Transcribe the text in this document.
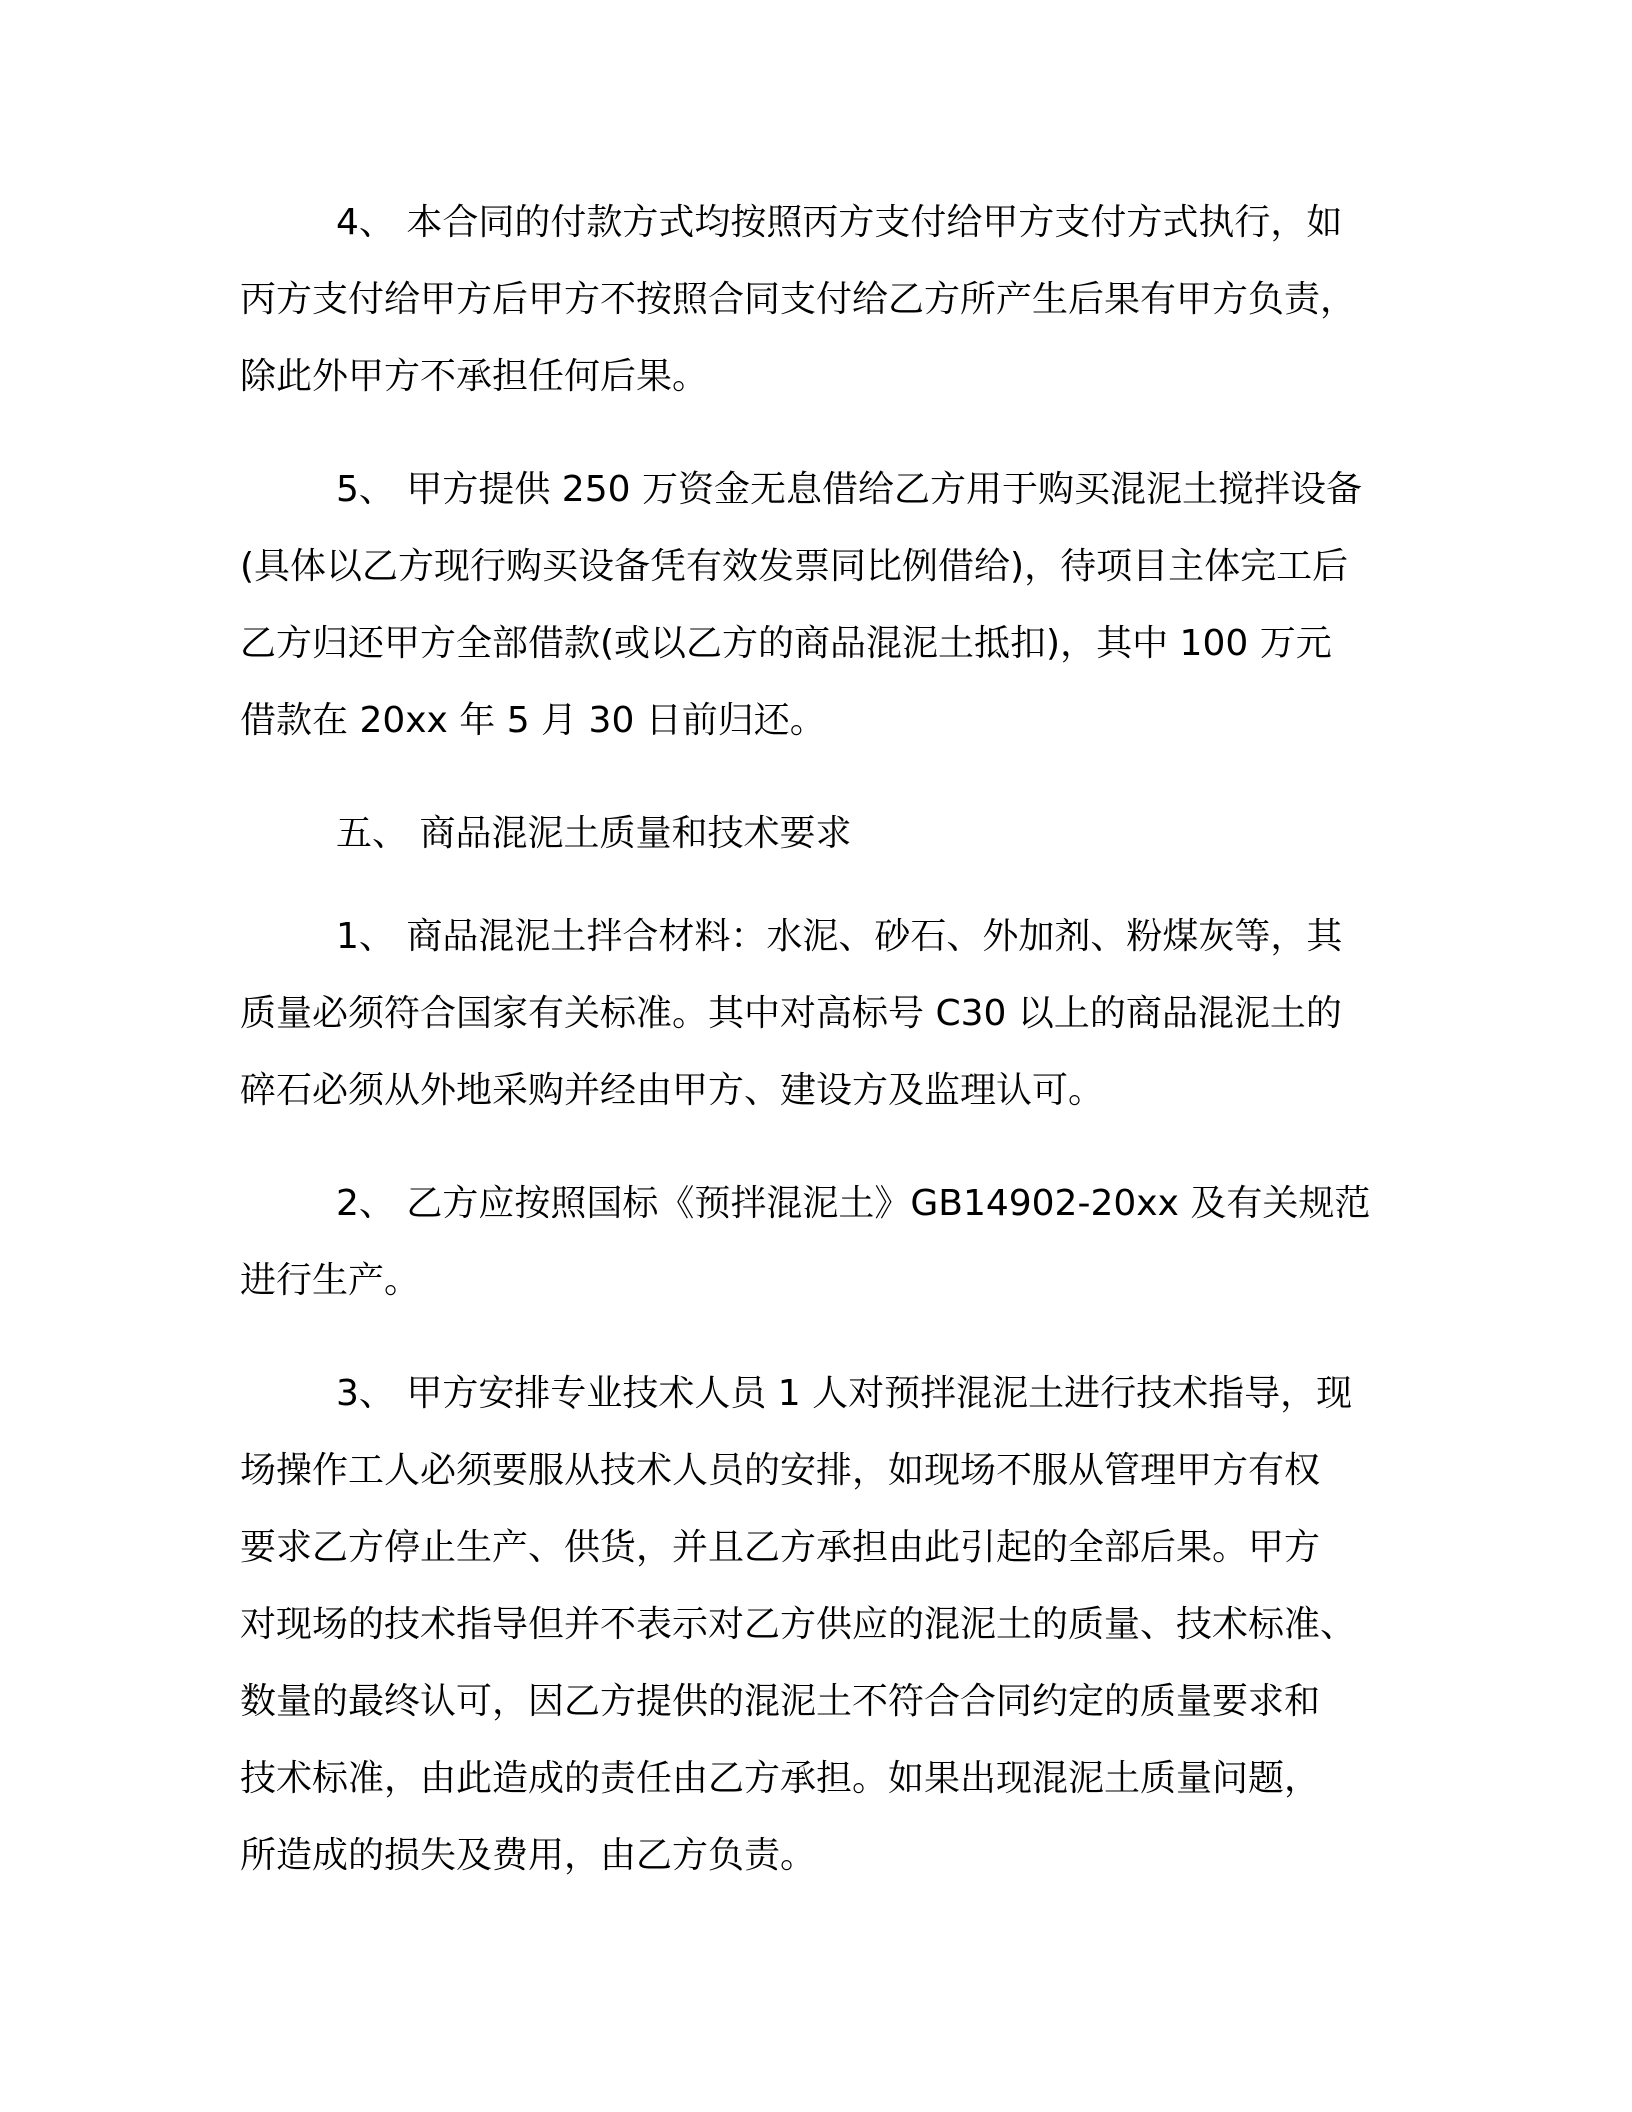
4、 本合同的付款方式均按照丙方支付给甲方支付方式执行，如
丙方支付给甲方后甲方不按照合同支付给乙方所产生后果有甲方负责，
除此外甲方不承担任何后果。
5、 甲方提供 250 万资金无息借给乙方用于购买混泥土搅拌设备
(具体以乙方现行购买设备凭有效发票同比例借给)，待项目主体完工后
乙方归还甲方全部借款(或以乙方的商品混泥土抵扣)，其中 100 万元
借款在 20xx 年 5 月 30 日前归还。
五、 商品混泥土质量和技术要求
1、 商品混泥土拌合材料：水泥、砂石、外加剂、粉煤灰等，其
质量必须符合国家有关标准。其中对高标号 C30 以上的商品混泥土的
碎石必须从外地采购并经由甲方、建设方及监理认可。
2、 乙方应按照国标《预拌混泥土》GB14902-20xx 及有关规范
进行生产。
3、 甲方安排专业技术人员 1 人对预拌混泥土进行技术指导，现
场操作工人必须要服从技术人员的安排，如现场不服从管理甲方有权
要求乙方停止生产、供货，并且乙方承担由此引起的全部后果。甲方
对现场的技术指导但并不表示对乙方供应的混泥土的质量、技术标准、
数量的最终认可，因乙方提供的混泥土不符合合同约定的质量要求和
技术标准，由此造成的责任由乙方承担。如果出现混泥土质量问题，
所造成的损失及费用，由乙方负责。
